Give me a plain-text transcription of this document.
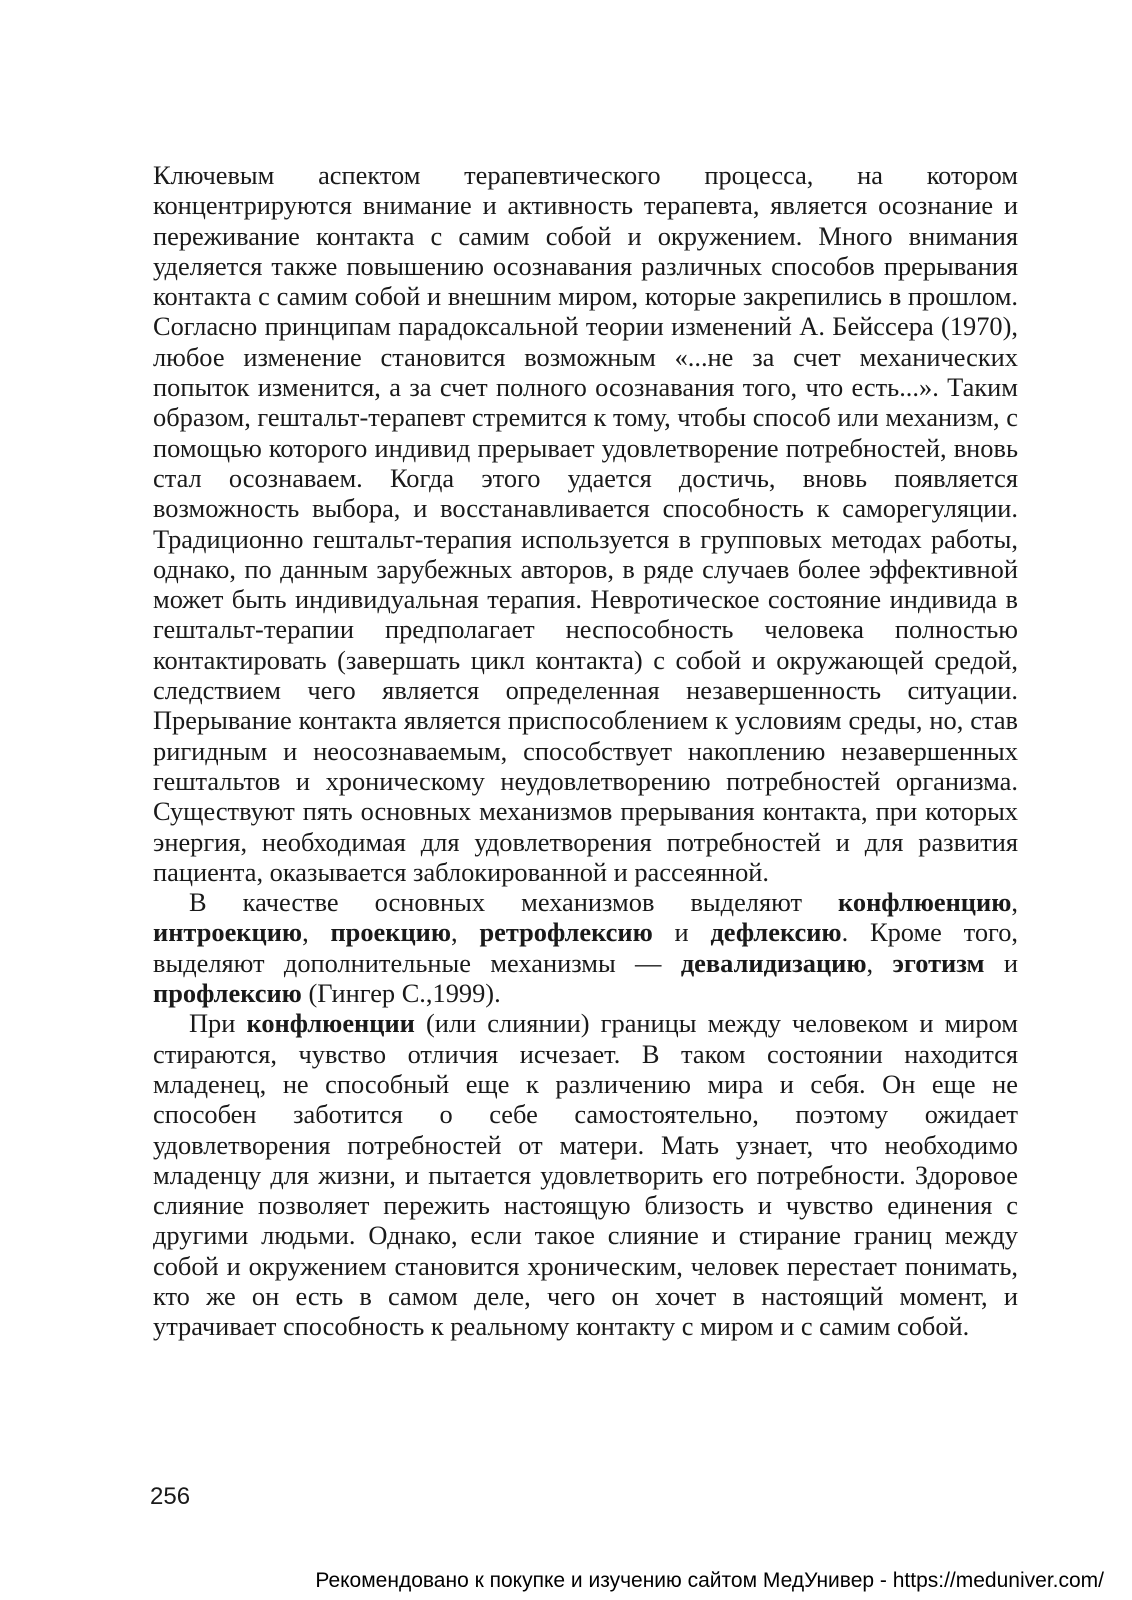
Ключевым аспектом терапевтического процесса, на котором концентрируются внимание и активность терапевта, является осознание и переживание контакта с самим собой и окружением. Много внимания уделяется также повышению осознавания различных способов прерывания контакта с самим собой и внешним миром, которые закрепились в прошлом. Согласно принципам парадоксальной теории изменений А. Бейссера (1970), любое изменение становится возможным «...не за счет механических попыток изменится, а за счет полного осознавания того, что есть...». Таким образом, гештальт-терапевт стремится к тому, чтобы способ или механизм, с помощью которого индивид прерывает удовлетворение потребностей, вновь стал осознаваем. Когда этого удается достичь, вновь появляется возможность выбора, и восстанавливается способность к саморегуляции. Традиционно гештальт-терапия используется в групповых методах работы, однако, по данным зарубежных авторов, в ряде случаев более эффективной может быть индивидуальная терапия. Невротическое состояние индивида в гештальт-терапии предполагает неспособность человека полностью контактировать (завершать цикл контакта) с собой и окружающей средой, следствием чего является определенная незавершенность ситуации. Прерывание контакта является приспособлением к условиям среды, но, став ригидным и неосознаваемым, способствует накоплению незавершенных гештальтов и хроническому неудовлетворению потребностей организма. Существуют пять основных механизмов прерывания контакта, при которых энергия, необходимая для удовлетворения потребностей и для развития пациента, оказывается заблокированной и рассеянной.

В качестве основных механизмов выделяют конфлюенцию, интроекцию, проекцию, ретрофлексию и дефлексию. Кроме того, выделяют дополнительные механизмы — девалидизацию, эготизм и профлексию (Гингер С.,1999).

При конфлюенции (или слиянии) границы между человеком и миром стираются, чувство отличия исчезает. В таком состоянии находится младенец, не способный еще к различению мира и себя. Он еще не способен заботится о себе самостоятельно, поэтому ожидает удовлетворения потребностей от матери. Мать узнает, что необходимо младенцу для жизни, и пытается удовлетворить его потребности. Здоровое слияние позволяет пережить настоящую близость и чувство единения с другими людьми. Однако, если такое слияние и стирание границ между собой и окружением становится хроническим, человек перестает понимать, кто же он есть в самом деле, чего он хочет в настоящий момент, и утрачивает способность к реальному контакту с миром и с самим собой.

256
Рекомендовано к покупке и изучению сайтом МедУнивер - https://meduniver.com/
